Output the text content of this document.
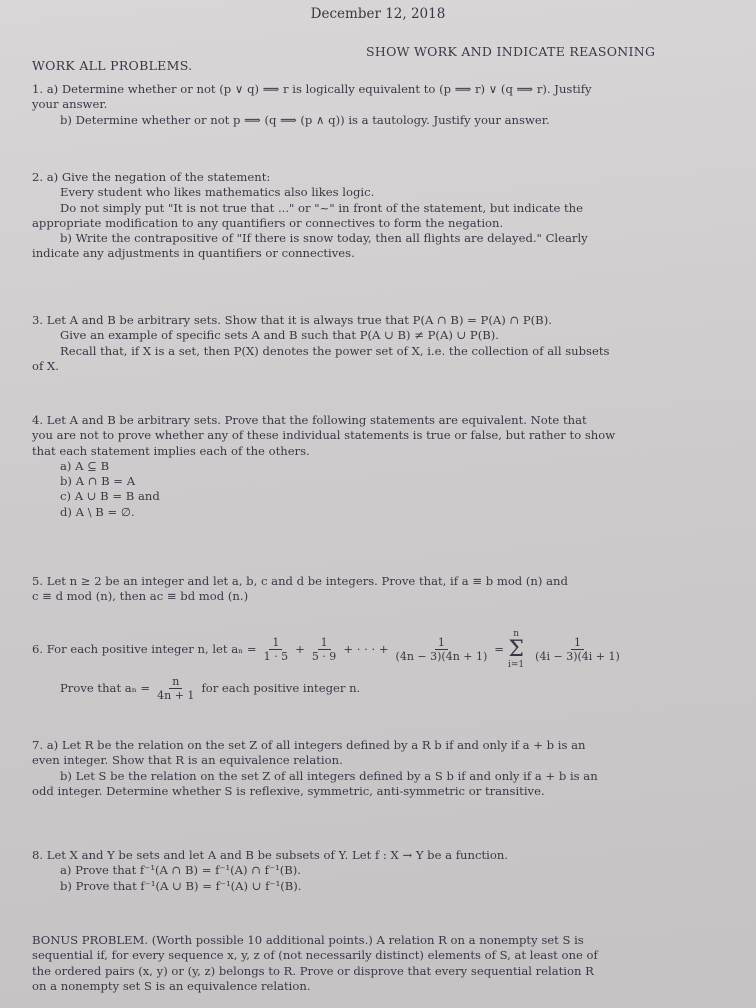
December 12, 2018
WORK ALL PROBLEMS.
SHOW WORK AND INDICATE REASONING

1. a) Determine whether or not (p ∨ q) ⟹ r is logically equivalent to (p ⟹ r) ∨ (q ⟹ r). Justify

your answer.

b) Determine whether or not p ⟹ (q ⟹ (p ∧ q)) is a tautology. Justify your answer.

2. a) Give the negation of the statement:

Every student who likes mathematics also likes logic.

Do not simply put "It is not true that ..." or "~" in front of the statement, but indicate the

appropriate modification to any quantifiers or connectives to form the negation.

b) Write the contrapositive of "If there is snow today, then all flights are delayed." Clearly

indicate any adjustments in quantifiers or connectives.

3. Let A and B be arbitrary sets. Show that it is always true that P(A ∩ B) = P(A) ∩ P(B).

Give an example of specific sets A and B such that P(A ∪ B) ≠ P(A) ∪ P(B).

Recall that, if X is a set, then P(X) denotes the power set of X, i.e. the collection of all subsets

of X.

4. Let A and B be arbitrary sets. Prove that the following statements are equivalent. Note that

you are not to prove whether any of these individual statements is true or false, but rather to show

that each statement implies each of the others.

a) A ⊆ B

b) A ∩ B = A

c) A ∪ B = B and

d) A \ B = ∅.

5. Let n ≥ 2 be an integer and let a, b, c and d be integers. Prove that, if a ≡ b mod (n) and

c ≡ d mod (n), then ac ≡ bd mod (n.)

6. For each positive integer n, let $a_n = \frac{1}{1 \cdot 5} + \frac{1}{5 \cdot 9}$ + · · · + $\frac{1}{(4n - 3)(4n + 1)}$ =
n
Σ
i=1
$\frac{1}{(4i - 3)(4i + 1)}$
Prove that $a_n = \frac{n}{4n + 1}$ for each positive integer n.

7. a) Let R be the relation on the set Z of all integers defined by a R b if and only if a + b is an

even integer. Show that R is an equivalence relation.

b) Let S be the relation on the set Z of all integers defined by a S b if and only if a + b is an

odd integer. Determine whether S is reflexive, symmetric, anti-symmetric or transitive.

8. Let X and Y be sets and let A and B be subsets of Y. Let f : X → Y be a function.

a) Prove that f⁻¹(A ∩ B) = f⁻¹(A) ∩ f⁻¹(B).

b) Prove that f⁻¹(A ∪ B) = f⁻¹(A) ∪ f⁻¹(B).

BONUS PROBLEM. (Worth possible 10 additional points.) A relation R on a nonempty set S is

sequential if, for every sequence x, y, z of (not necessarily distinct) elements of S, at least one of

the ordered pairs (x, y) or (y, z) belongs to R. Prove or disprove that every sequential relation R

on a nonempty set S is an equivalence relation.
